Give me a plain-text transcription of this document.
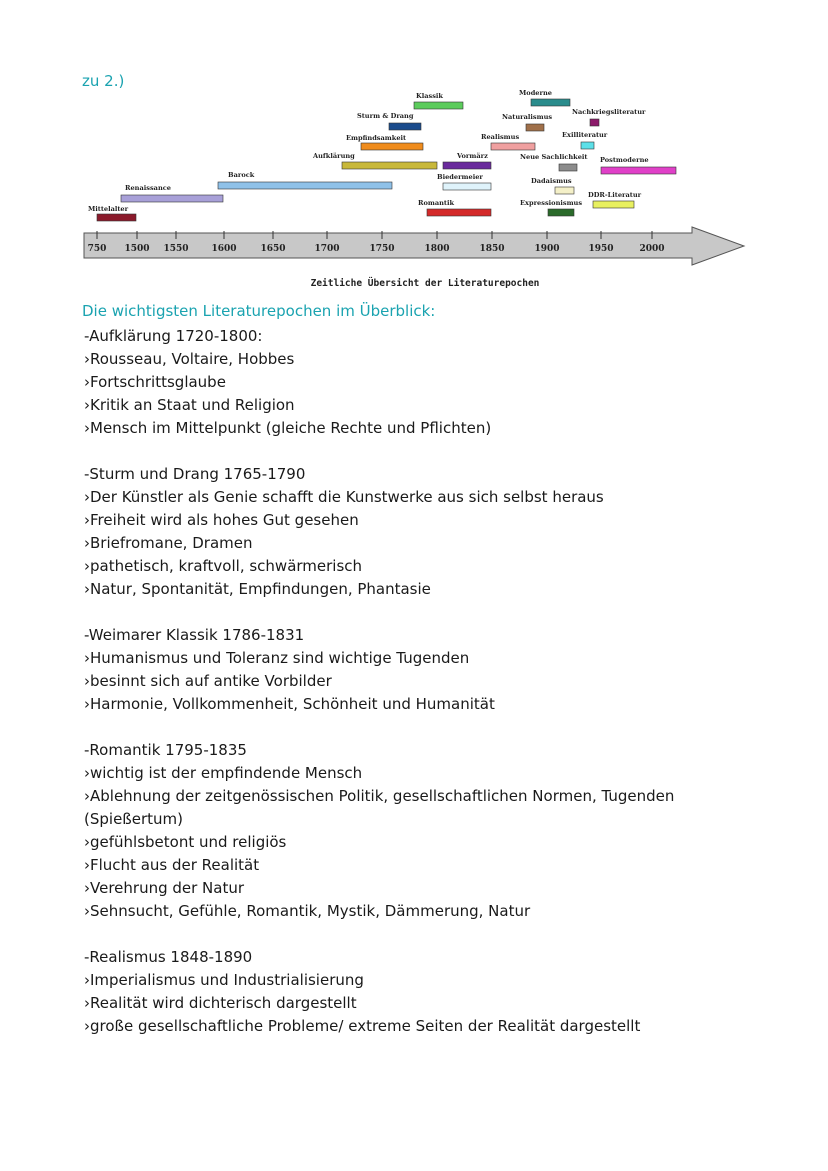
zu 2.)
750 1500 1550	1600	1650	1700	1750	1800	1850	1900	1950	2000
Mittelalter
Renaissance
Barock
Aufklärung
Empfindsamkeit
Sturm & Drang
Klassik
Vormärz
Biedermeier
Romantik
Realismus
Naturalismus
Moderne
Nachkriegsliteratur
Exilliteratur
Neue Sachlichkeit Postmoderne
Dadaismus
DDR-Literatur
Expressionismus
Zeitliche Übersicht der Literaturepochen
Die wichtigsten Literaturepochen im Überblick:
-Aufklärung 1720-1800:
›Rousseau, Voltaire, Hobbes
›Fortschrittsglaube
›Kritik an Staat und Religion
›Mensch im Mittelpunkt (gleiche Rechte und Pflichten)
-Sturm und Drang 1765-1790
›Der Künstler als Genie schafft die Kunstwerke aus sich selbst heraus
›Freiheit wird als hohes Gut gesehen
›Briefromane, Dramen
›pathetisch, kraftvoll, schwärmerisch
›Natur, Spontanität, Empfindungen, Phantasie
-Weimarer Klassik 1786-1831
›Humanismus und Toleranz sind wichtige Tugenden
›besinnt sich auf antike Vorbilder
›Harmonie, Vollkommenheit, Schönheit und Humanität
-Romantik 1795-1835
›wichtig ist der empfindende Mensch
›Ablehnung der zeitgenössischen Politik, gesellschaftlichen Normen, Tugenden (Spießertum)
›gefühlsbetont und religiös
›Flucht aus der Realität
›Verehrung der Natur
›Sehnsucht, Gefühle, Romantik, Mystik, Dämmerung, Natur
-Realismus 1848-1890
›Imperialismus und Industrialisierung
›Realität wird dichterisch dargestellt
›große gesellschaftliche Probleme/ extreme Seiten der Realität dargestellt
